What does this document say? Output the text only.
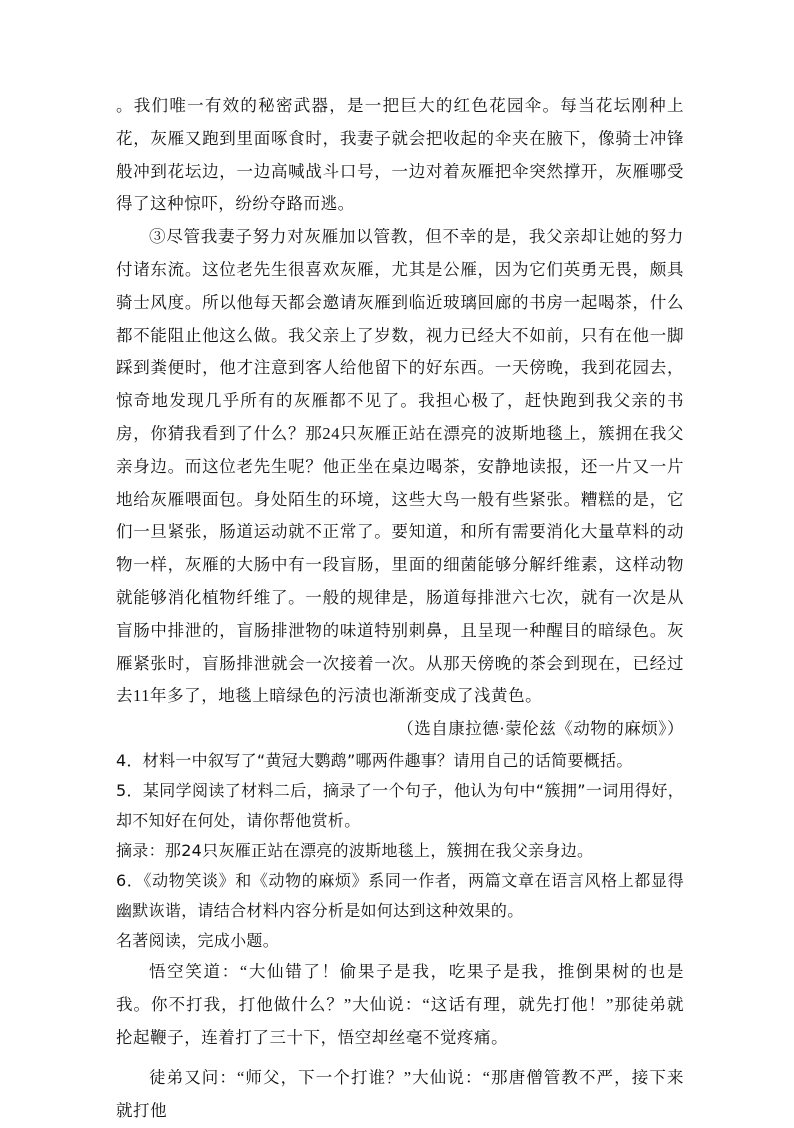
。我们唯一有效的秘密武器，是一把巨大的红色花园伞。每当花坛刚种上花，灰雁又跑到里面啄食时，我妻子就会把收起的伞夹在腋下，像骑士冲锋般冲到花坛边，一边高喊战斗口号，一边对着灰雁把伞突然撑开，灰雁哪受得了这种惊吓，纷纷夺路而逃。

③尽管我妻子努力对灰雁加以管教，但不幸的是，我父亲却让她的努力付诸东流。这位老先生很喜欢灰雁，尤其是公雁，因为它们英勇无畏，颇具骑士风度。所以他每天都会邀请灰雁到临近玻璃回廊的书房一起喝茶，什么都不能阻止他这么做。我父亲上了岁数，视力已经大不如前，只有在他一脚踩到粪便时，他才注意到客人给他留下的好东西。一天傍晚，我到花园去，惊奇地发现几乎所有的灰雁都不见了。我担心极了，赶快跑到我父亲的书房，你猜我看到了什么？那24只灰雁正站在漂亮的波斯地毯上，簇拥在我父亲身边。而这位老先生呢？他正坐在桌边喝茶，安静地读报，还一片又一片地给灰雁喂面包。身处陌生的环境，这些大鸟一般有些紧张。糟糕的是，它们一旦紧张，肠道运动就不正常了。要知道，和所有需要消化大量草料的动物一样，灰雁的大肠中有一段盲肠，里面的细菌能够分解纤维素，这样动物就能够消化植物纤维了。一般的规律是，肠道每排泄六七次，就有一次是从盲肠中排泄的，盲肠排泄物的味道特别刺鼻，且呈现一种醒目的暗绿色。灰雁紧张时，盲肠排泄就会一次接着一次。从那天傍晚的茶会到现在，已经过去11年多了，地毯上暗绿色的污渍也渐渐变成了浅黄色。

（选自康拉德·蒙伦兹《动物的麻烦》）

4．材料一中叙写了“黄冠大鹦鹉”哪两件趣事？请用自己的话简要概括。

5．某同学阅读了材料二后，摘录了一个句子，他认为句中“簇拥”一词用得好，却不知好在何处，请你帮他赏析。

摘录：那24只灰雁正站在漂亮的波斯地毯上，簇拥在我父亲身边。

6．《动物笑谈》和《动物的麻烦》系同一作者，两篇文章在语言风格上都显得幽默诙谐，请结合材料内容分析是如何达到这种效果的。

名著阅读，完成小题。

悟空笑道：“大仙错了！偷果子是我，吃果子是我，推倒果树的也是我。你不打我，打他做什么？”大仙说：“这话有理，就先打他！”那徒弟就抡起鞭子，连着打了三十下，悟空却丝毫不觉疼痛。

徒弟又问：“师父，下一个打谁？”大仙说：“那唐僧管教不严，接下来就打他
